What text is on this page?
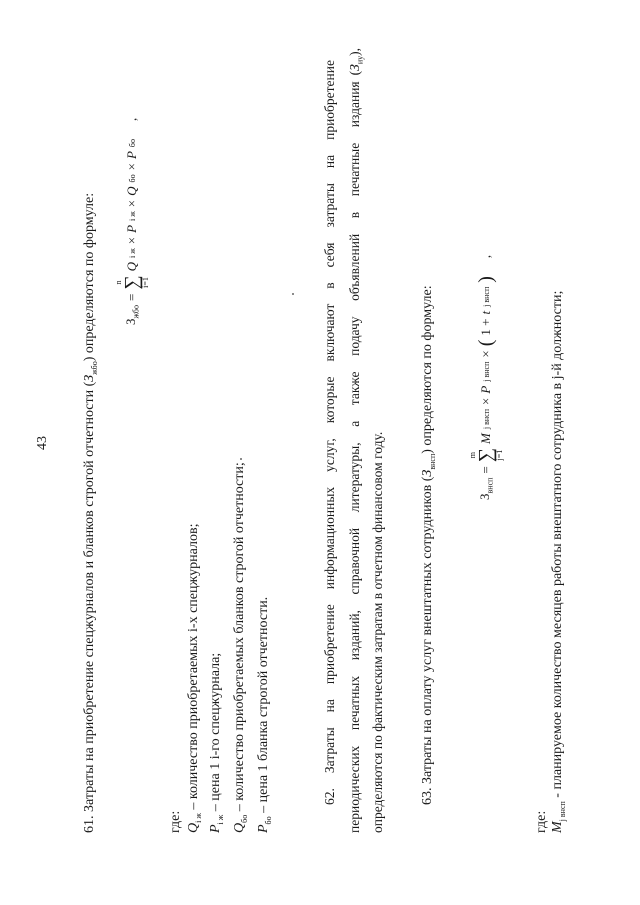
43 61. Затраты на приобретение спецжурналов и бланков строгой отчетности $(З_{жбо})$ определяются по формуле:	$З_{жбо}$
=
n
∑
i=1
Q
i ж
×
P
i ж
×
Q
бо
×
P
бо
,
где: $Q_{i ж}$ – количество приобретаемых i-х спецжурналов;
$P_{i ж}$ – цена 1 i-го спецжурнала;
$Q_{бо}$ – количество приобретаемых бланков строгой отчетности;
$P_{бо}$ – цена 1 бланка строгой отчетности.	62. Затраты на приобретение информационных услуг, которые включают в себя затраты на приобретение периодических печатных изданий, справочной литературы, а также подачу объявлений в печатные издания
$(З_{иу})$,
определяются по фактическим затратам в отчетном финансовом году.	63. Затраты на оплату услуг внештатных сотрудников $(З_{внсп})$ определяются по формуле:
$З_{внсп}$
=
m
∑
j=1
M
j внсп
×
P
j внсп
×
(
1 +
t
j внсп
)
,
где: $M_{j внсп}$ - планируемое количество месяцев работы внештатного сотрудника в j-й должности;
